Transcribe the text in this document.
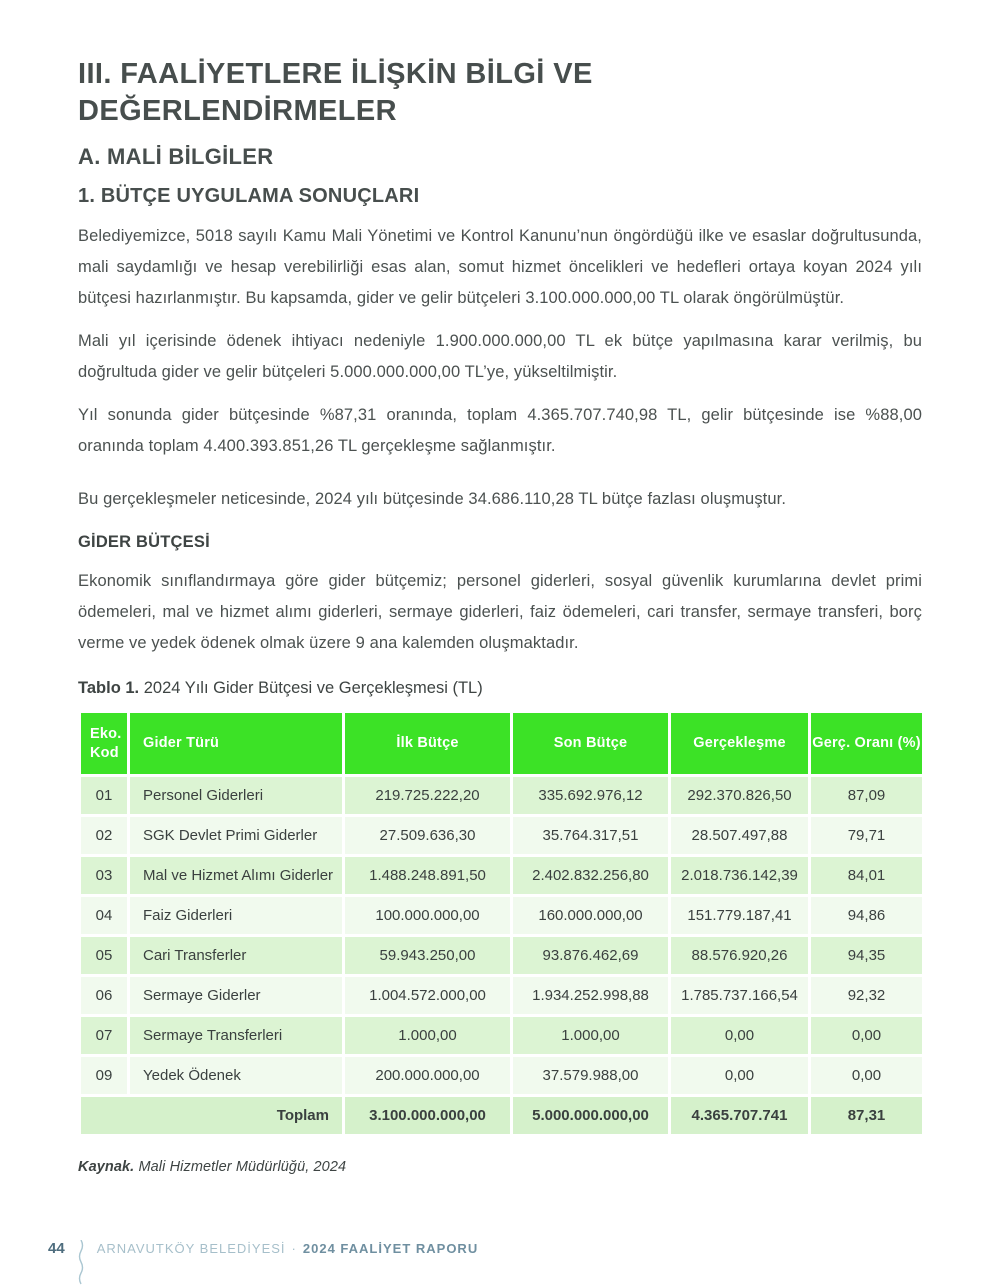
III. FAALİYETLERE İLİŞKİN BİLGİ VE
DEĞERLENDİRMELER
A. MALİ BİLGİLER
1. BÜTÇE UYGULAMA SONUÇLARI

Belediyemizce, 5018 sayılı Kamu Mali Yönetimi ve Kontrol Kanunu’nun öngördüğü ilke ve esaslar doğrultusunda, mali saydamlığı ve hesap verebilirliği esas alan, somut hizmet öncelikleri ve hedefleri ortaya koyan 2024 yılı bütçesi hazırlanmıştır. Bu kapsamda, gider ve gelir bütçeleri 3.100.000.000,00 TL olarak öngörülmüştür.

Mali yıl içerisinde ödenek ihtiyacı nedeniyle 1.900.000.000,00 TL ek bütçe yapılmasına karar verilmiş, bu doğrultuda gider ve gelir bütçeleri 5.000.000.000,00 TL’ye, yükseltilmiştir.

Yıl sonunda gider bütçesinde %87,31 oranında, toplam 4.365.707.740,98 TL, gelir bütçesinde ise %88,00 oranında toplam 4.400.393.851,26 TL gerçekleşme sağlanmıştır.

Bu gerçekleşmeler neticesinde, 2024 yılı bütçesinde 34.686.110,28 TL bütçe fazlası oluşmuştur.

GİDER BÜTÇESİ

Ekonomik sınıflandırmaya göre gider bütçemiz; personel giderleri, sosyal güvenlik kurumlarına devlet primi ödemeleri, mal ve hizmet alımı giderleri, sermaye giderleri, faiz ödemeleri, cari transfer, sermaye transferi, borç verme ve yedek ödenek olmak üzere 9 ana kalemden oluşmaktadır.

Tablo 1. 2024 Yılı Gider Bütçesi ve Gerçekleşmesi (TL)

Eko. Kod	Gider Türü	İlk Bütçe	Son Bütçe	Gerçekleşme	Gerç. Oranı (%)
01	Personel Giderleri	219.725.222,20	335.692.976,12	292.370.826,50	87,09
02	SGK Devlet Primi Giderler	27.509.636,30	35.764.317,51	28.507.497,88	79,71
03	Mal ve Hizmet Alımı Giderler	1.488.248.891,50	2.402.832.256,80	2.018.736.142,39	84,01
04	Faiz Giderleri	100.000.000,00	160.000.000,00	151.779.187,41	94,86
05	Cari Transferler	59.943.250,00	93.876.462,69	88.576.920,26	94,35
06	Sermaye Giderler	1.004.572.000,00	1.934.252.998,88	1.785.737.166,54	92,32
07	Sermaye Transferleri	1.000,00	1.000,00	0,00	0,00
09	Yedek Ödenek	200.000.000,00	37.579.988,00	0,00	0,00
Toplam		3.100.000.000,00	5.000.000.000,00	4.365.707.741	87,31

Kaynak. Mali Hizmetler Müdürlüğü, 2024

44 ARNAVUTKÖY BELEDİYESİ · 2024 FAALİYET RAPORU
